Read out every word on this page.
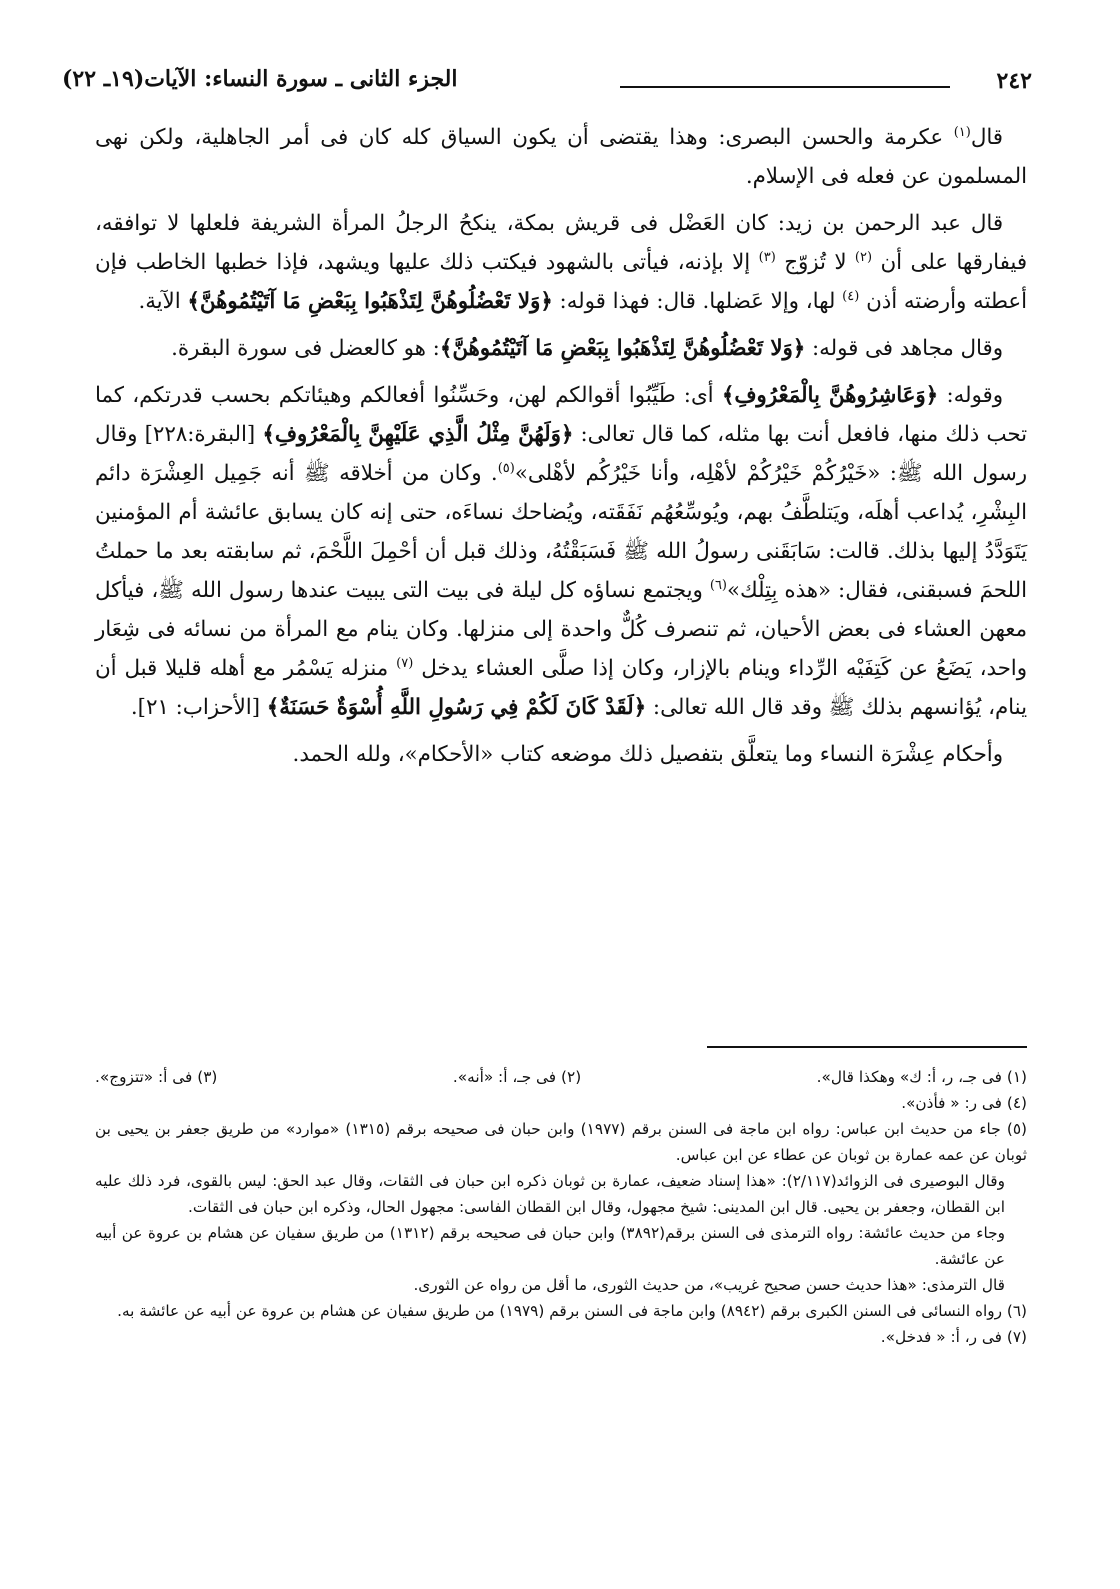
٢٤٢
الجزء الثانى ـ سورة النساء: الآيات(١٩ـ ٢٢)

قال$^{(١)}$ عكرمة والحسن البصرى: وهذا يقتضى أن يكون السياق كله كان فى أمر الجاهلية، ولكن نهى المسلمون عن فعله فى الإسلام.

قال عبد الرحمن بن زيد: كان العَضْل فى قريش بمكة، ينكحُ الرجلُ المرأة الشريفة فلعلها لا توافقه، فيفارقها على أن $^{(٢)}$ لا تُزوّج $^{(٣)}$ إلا بإذنه، فيأتى بالشهود فيكتب ذلك عليها ويشهد، فإذا خطبها الخاطب فإن أعطته وأرضته أذن $^{(٤)}$ لها، وإلا عَضلها. قال: فهذا قوله: ﴿وَلا تَعْضُلُوهُنَّ لِتَذْهَبُوا بِبَعْضِ مَا آتَيْتُمُوهُنَّ﴾ الآية.

وقال مجاهد فى قوله: ﴿وَلا تَعْضُلُوهُنَّ لِتَذْهَبُوا بِبَعْضِ مَا آتَيْتُمُوهُنَّ﴾: هو كالعضل فى سورة البقرة.

وقوله: ﴿وَعَاشِرُوهُنَّ بِالْمَعْرُوفِ﴾ أى: طَيِّبُوا أقوالكم لهن، وحَسِّنُوا أفعالكم وهيئاتكم بحسب قدرتكم، كما تحب ذلك منها، فافعل أنت بها مثله، كما قال تعالى: ﴿وَلَهُنَّ مِثْلُ الَّذِي عَلَيْهِنَّ بِالْمَعْرُوفِ﴾ [البقرة:٢٢٨] وقال رسول الله ﷺ: «خَيْرُكُمْ خَيْرُكُمْ لأهْلِه، وأنا خَيْرُكُم لأهْلى»$^{(٥)}$. وكان من أخلاقه ﷺ أنه جَمِيل العِشْرَة دائم البِشْرِ، يُداعب أهلَه، ويَتلطَّفُ بهم، ويُوسِّعُهُم نَفَقَته، ويُضاحك نساءَه، حتى إنه كان يسابق عائشة أم المؤمنين يَتَوَدَّدُ إليها بذلك. قالت: سَابَقَنى رسولُ الله ﷺ فَسَبَقْتُهُ، وذلك قبل أن أحْمِلَ اللَّحْمَ، ثم سابقته بعد ما حملتُ اللحمَ فسبقنى، فقال: «هذه بِتِلْك»$^{(٦)}$ ويجتمع نساؤه كل ليلة فى بيت التى يبيت عندها رسول الله ﷺ، فيأكل معهن العشاء فى بعض الأحيان، ثم تنصرف كُلٌّ واحدة إلى منزلها. وكان ينام مع المرأة من نسائه فى شِعَار واحد، يَضَعُ عن كَتِفَيْه الرِّداء وينام بالإزار، وكان إذا صلَّى العشاء يدخل $^{(٧)}$ منزله يَسْمُر مع أهله قليلا قبل أن ينام، يُؤانسهم بذلك ﷺ وقد قال الله تعالى: ﴿لَقَدْ كَانَ لَكُمْ فِي رَسُولِ اللَّهِ أُسْوَةٌ حَسَنَةٌ﴾ [الأحزاب: ٢١].

وأحكام عِشْرَة النساء وما يتعلَّق بتفصيل ذلك موضعه كتاب «الأحكام»، ولله الحمد.

(١) فى جـ، ر، أ: ك» وهكذا قال».
(٢) فى جـ، أ: «أنه».
(٣) فى أ: «تتزوج».

(٤) فى ر: « فأذن».

(٥) جاء من حديث ابن عباس: رواه ابن ماجة فى السنن برقم (١٩٧٧) وابن حبان فى صحيحه برقم (١٣١٥) «موارد» من طريق جعفر بن يحيى بن ثوبان عن عمه عمارة بن ثوبان عن عطاء عن ابن عباس.

وقال البوصيرى فى الزوائد(٢/١١٧): «هذا إسناد ضعيف، عمارة بن ثوبان ذكره ابن حبان فى الثقات، وقال عبد الحق: ليس بالقوى، فرد ذلك عليه ابن القطان، وجعفر بن يحيى. قال ابن المدينى: شيخ مجهول، وقال ابن القطان الفاسى: مجهول الحال، وذكره ابن حبان فى الثقات.

وجاء من حديث عائشة: رواه الترمذى فى السنن برقم(٣٨٩٢) وابن حبان فى صحيحه برقم (١٣١٢) من طريق سفيان عن هشام بن عروة عن أبيه عن عائشة.

قال الترمذى: «هذا حديث حسن صحيح غريب»، من حديث الثورى، ما أقل من رواه عن الثورى.

(٦) رواه النسائى فى السنن الكبرى برقم (٨٩٤٢) وابن ماجة فى السنن برقم (١٩٧٩) من طريق سفيان عن هشام بن عروة عن أبيه عن عائشة به.

(٧) فى ر، أ: « فدخل».
